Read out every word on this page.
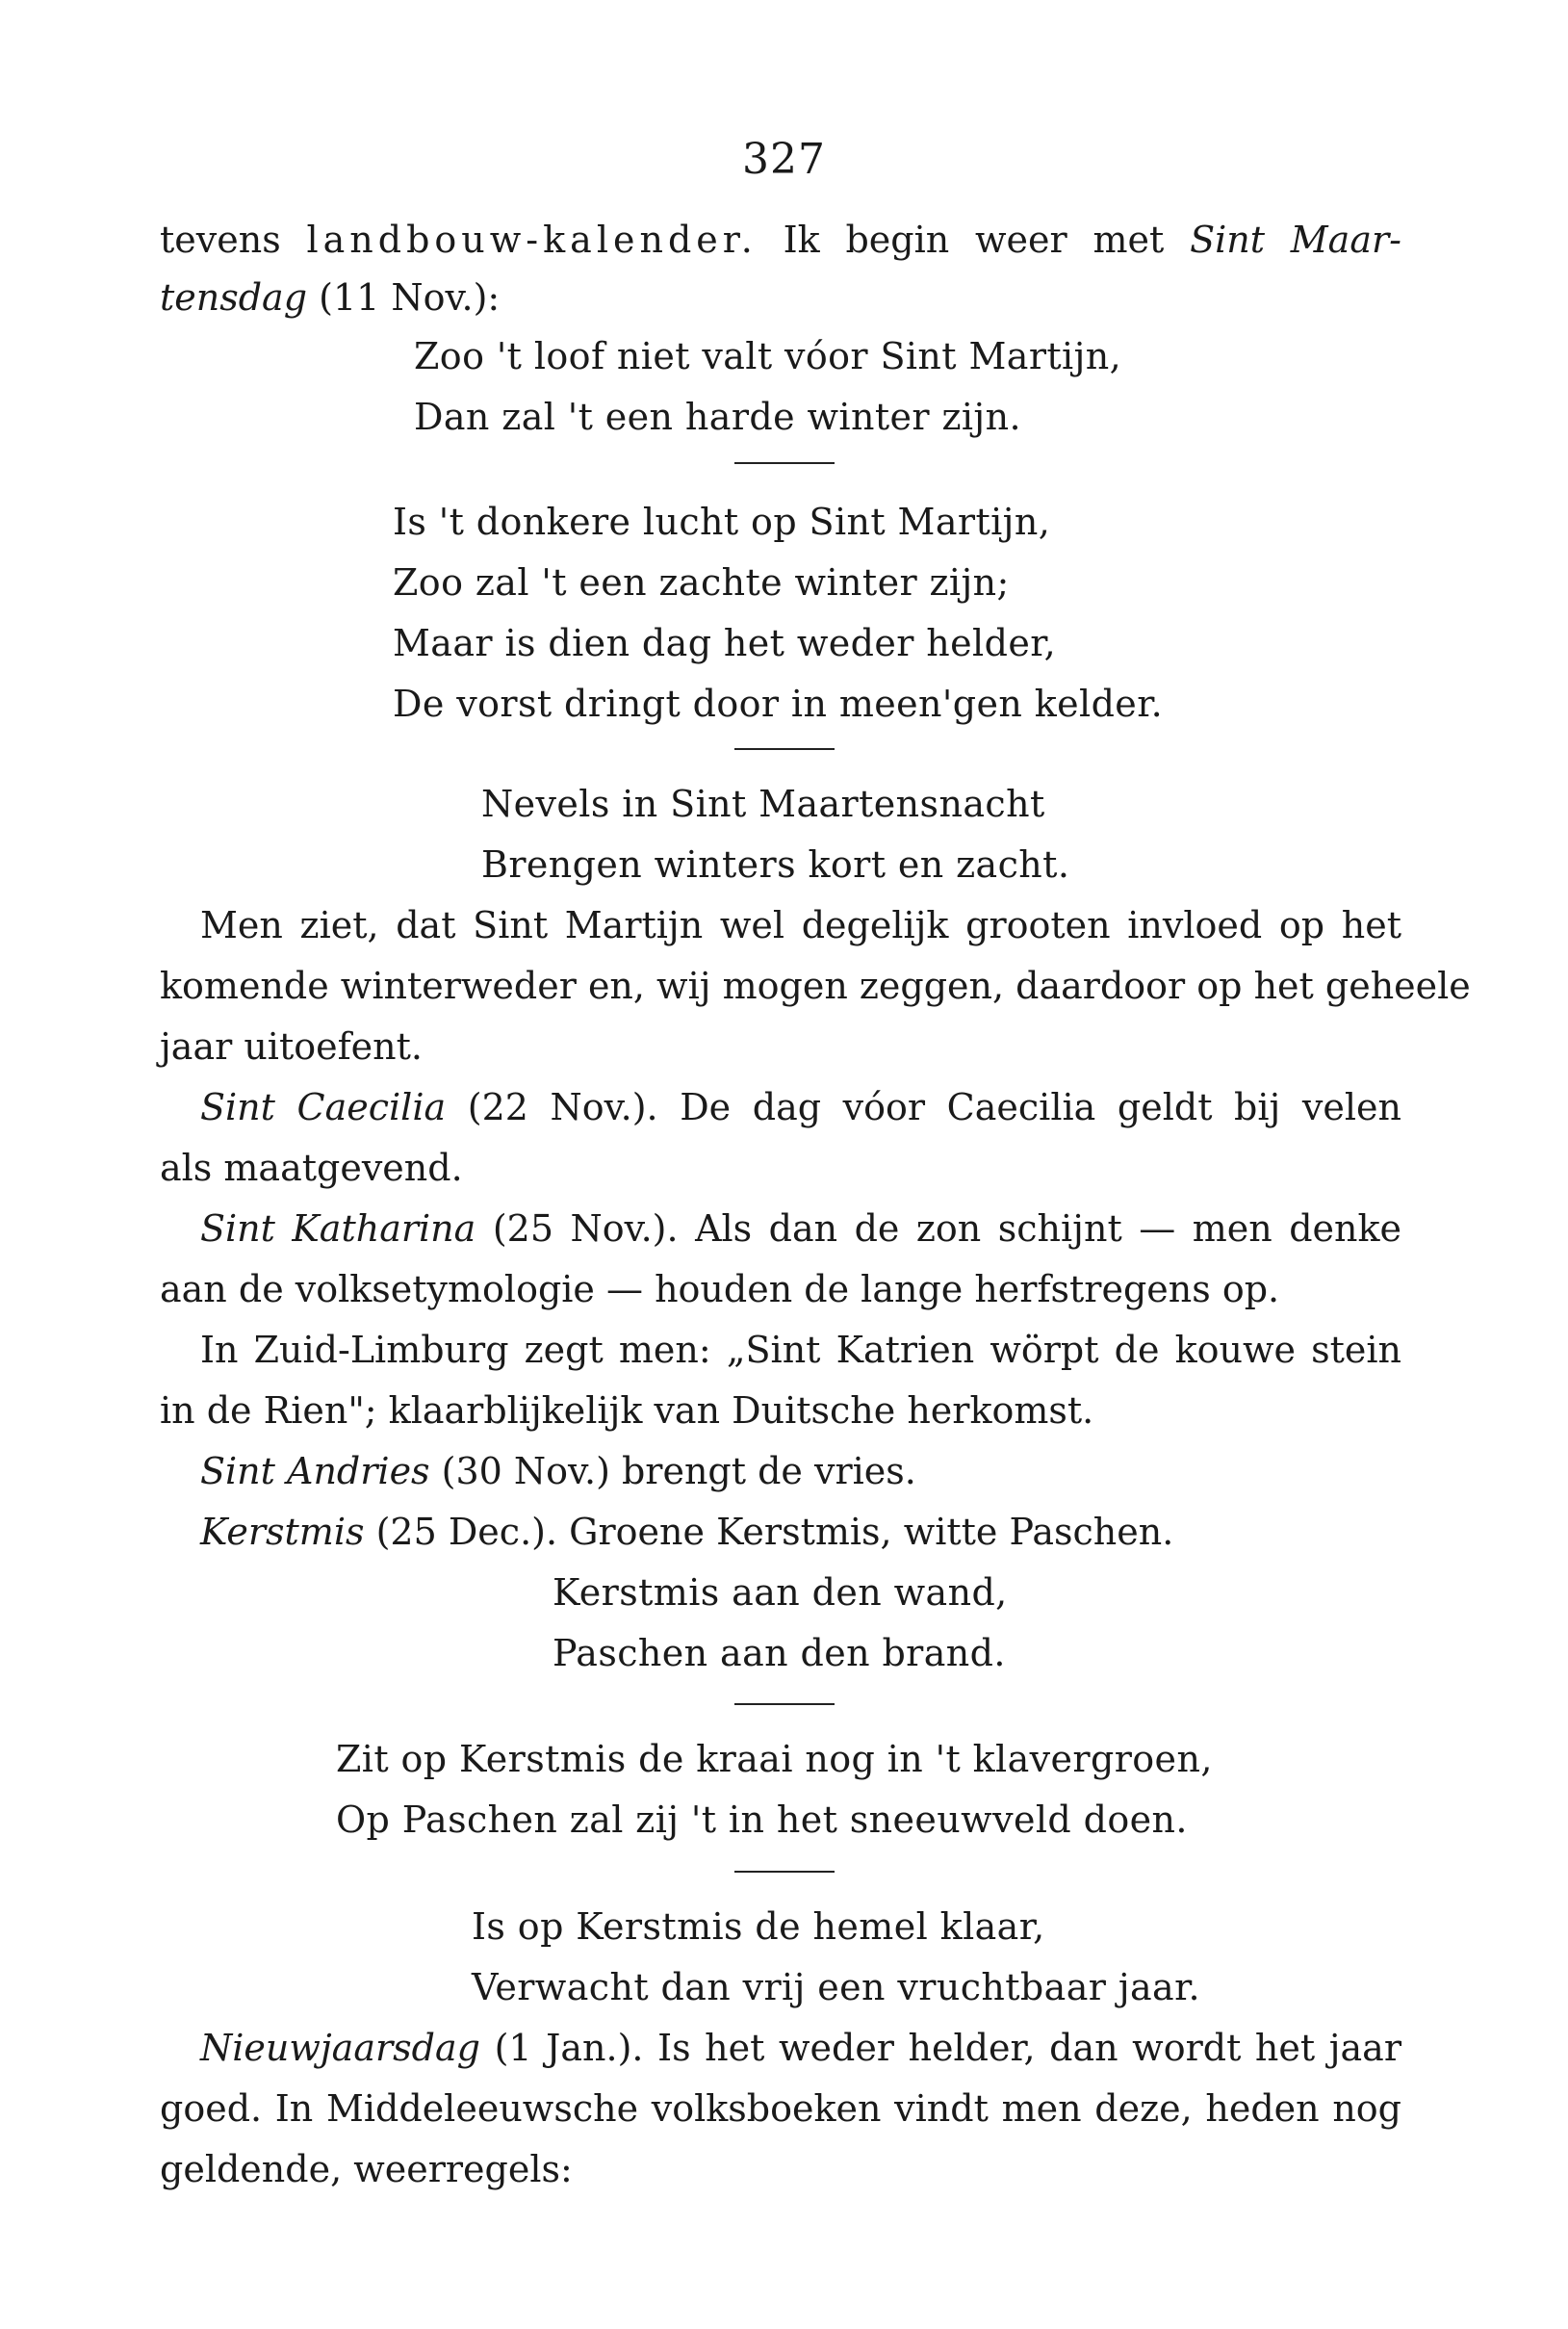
327
tevens landbouw-kalender. Ik begin weer met Sint Maar-
tensdag (11 Nov.):
Zoo 't loof niet valt vóor Sint Martijn,
Dan zal 't een harde winter zijn.
Is 't donkere lucht op Sint Martijn,
Zoo zal 't een zachte winter zijn;
Maar is dien dag het weder helder,
De vorst dringt door in meen'gen kelder.
Nevels in Sint Maartensnacht
Brengen winters kort en zacht.
Men ziet, dat Sint Martijn wel degelijk grooten invloed op het
komende winterweder en, wij mogen zeggen, daardoor op het geheele
jaar uitoefent.
Sint Caecilia (22 Nov.). De dag vóor Caecilia geldt bij velen
als maatgevend.
Sint Katharina (25 Nov.). Als dan de zon schijnt — men denke
aan de volksetymologie — houden de lange herfstregens op.
In Zuid-Limburg zegt men: „Sint Katrien wörpt de kouwe stein
in de Rien"; klaarblijkelijk van Duitsche herkomst.
Sint Andries (30 Nov.) brengt de vries.
Kerstmis (25 Dec.). Groene Kerstmis, witte Paschen.
Kerstmis aan den wand,
Paschen aan den brand.
Zit op Kerstmis de kraai nog in 't klavergroen,
Op Paschen zal zij 't in het sneeuwveld doen.
Is op Kerstmis de hemel klaar,
Verwacht dan vrij een vruchtbaar jaar.
Nieuwjaarsdag (1 Jan.). Is het weder helder, dan wordt het jaar
goed. In Middeleeuwsche volksboeken vindt men deze, heden nog
geldende, weerregels:
